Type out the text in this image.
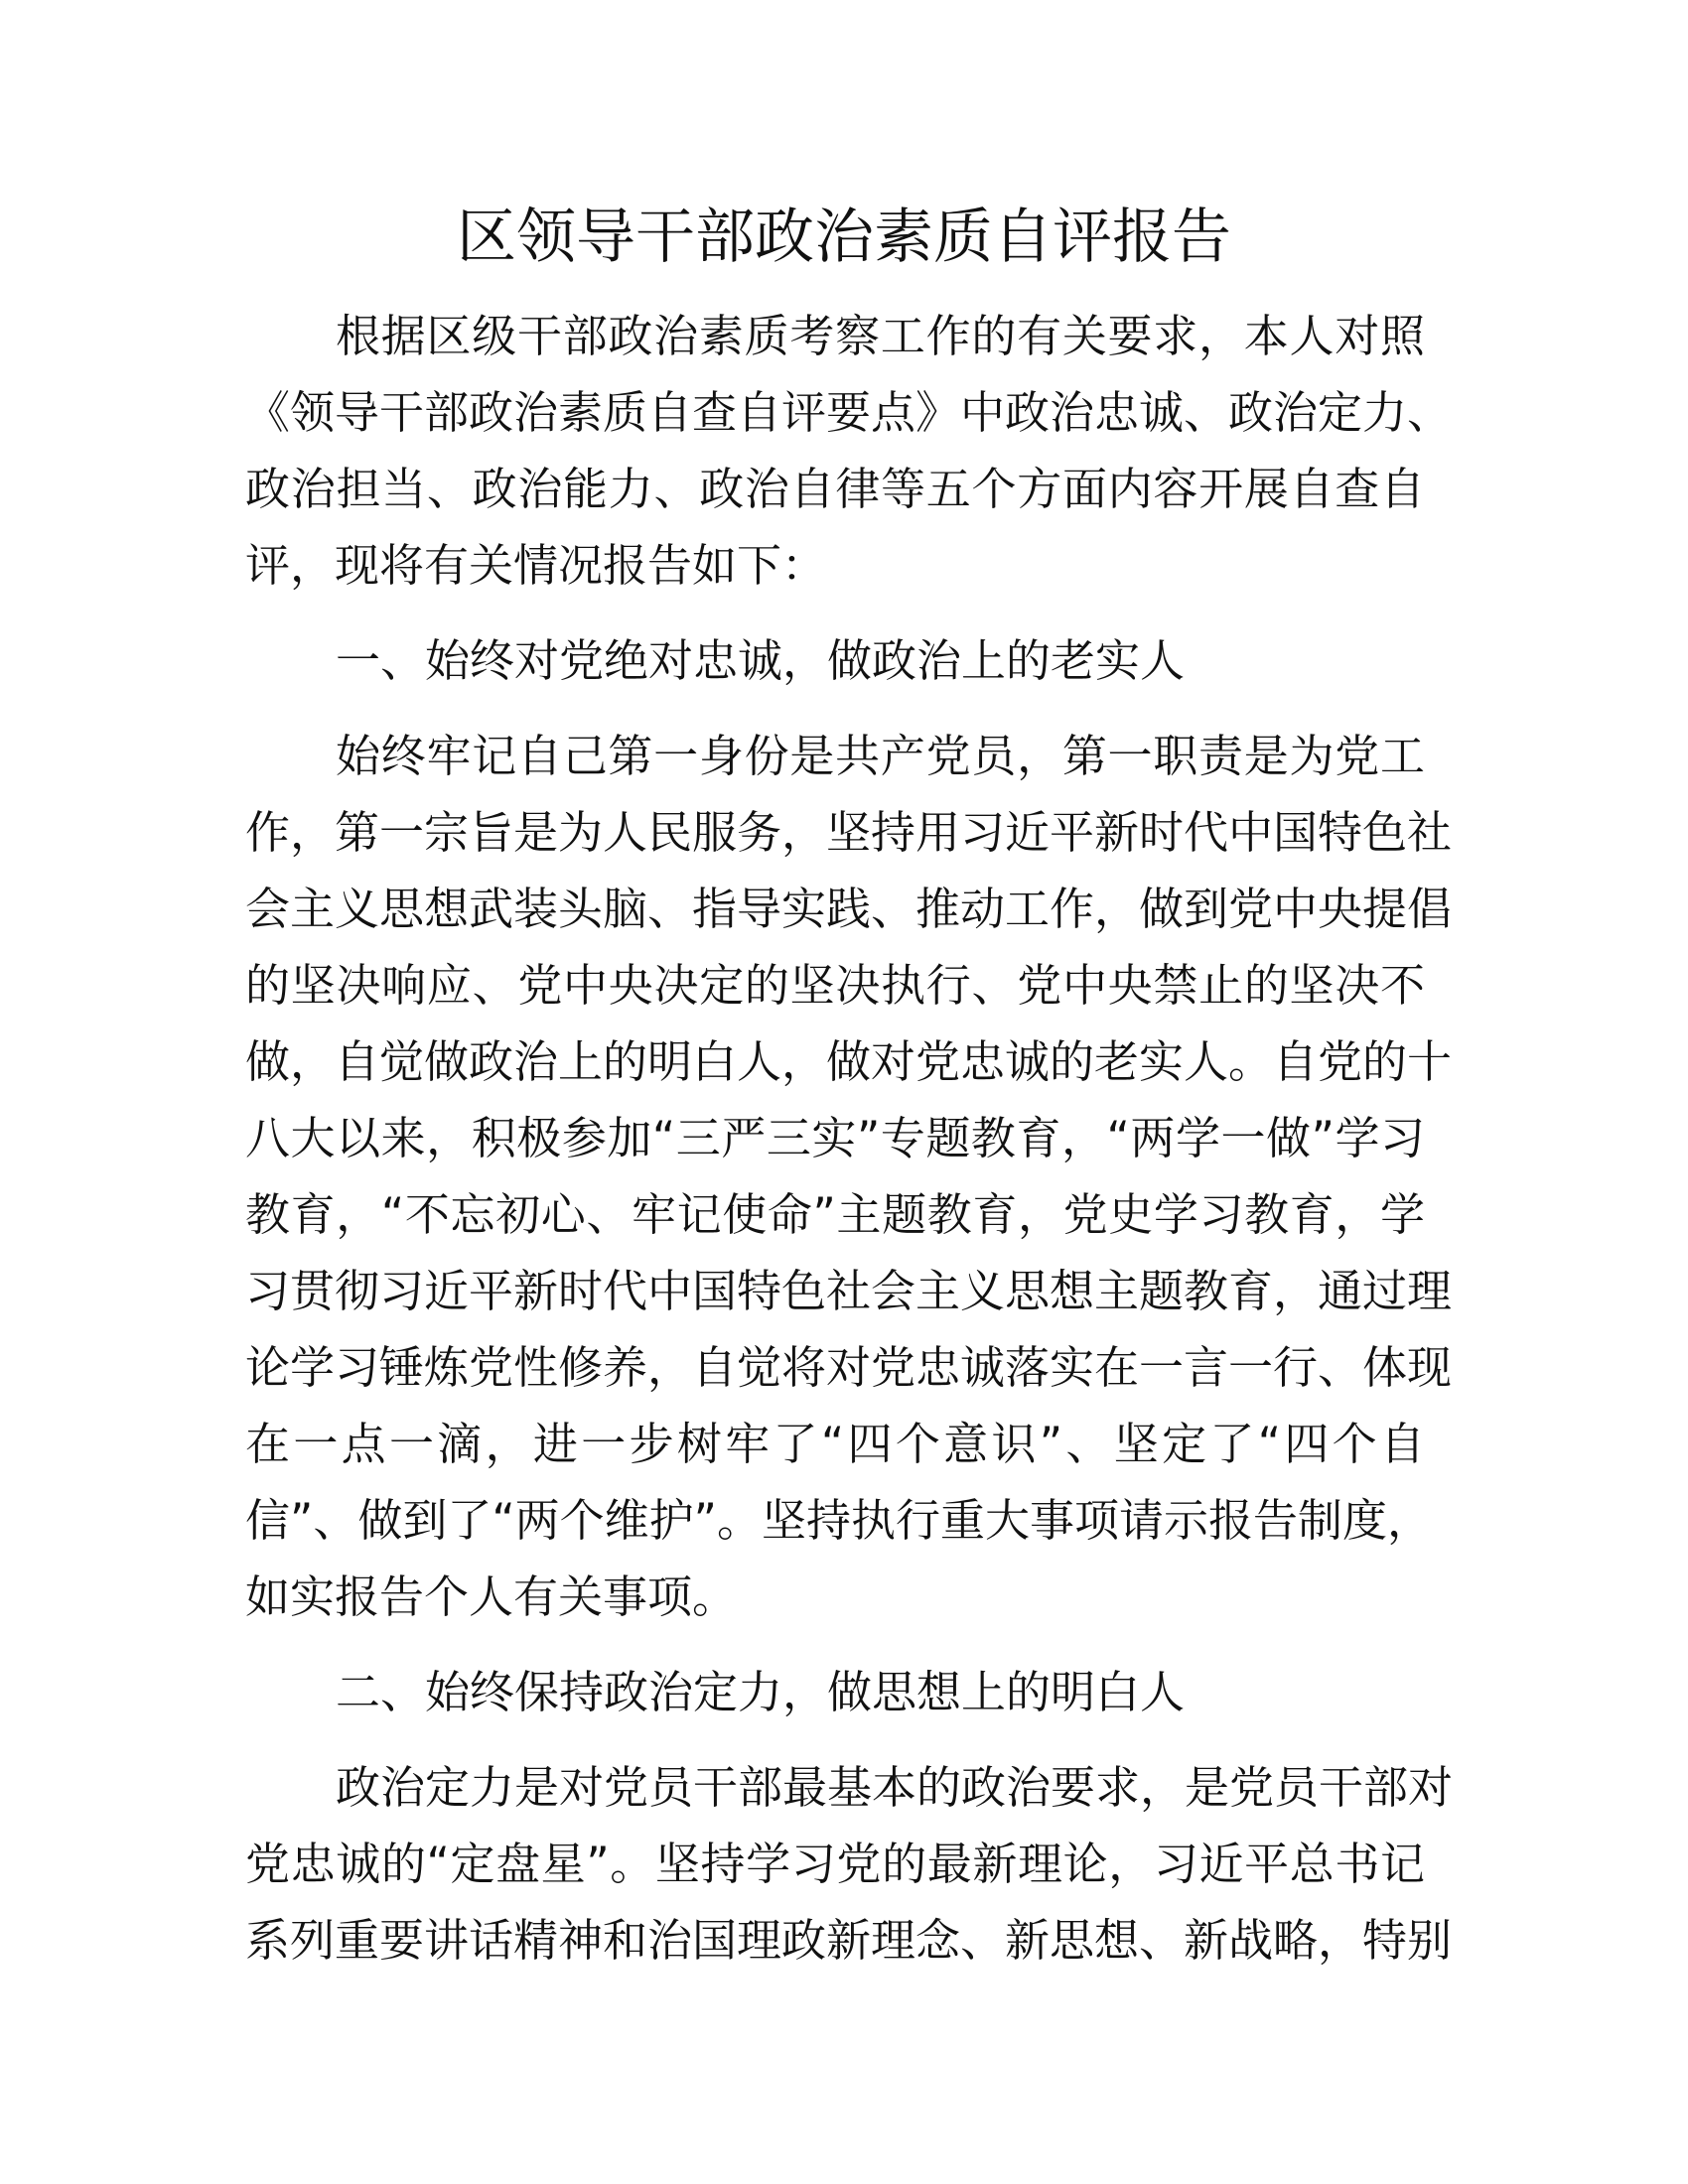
区领导干部政治素质自评报告
根据区级干部政治素质考察工作的有关要求，本人对照
《领导干部政治素质自查自评要点》中政治忠诚、政治定力、
政治担当、政治能力、政治自律等五个方面内容开展自查自
评，现将有关情况报告如下：
一、始终对党绝对忠诚，做政治上的老实人
始终牢记自己第一身份是共产党员，第一职责是为党工
作，第一宗旨是为人民服务，坚持用习近平新时代中国特色社
会主义思想武装头脑、指导实践、推动工作，做到党中央提倡
的坚决响应、党中央决定的坚决执行、党中央禁止的坚决不
做，自觉做政治上的明白人，做对党忠诚的老实人。自党的十
八大以来，积极参加“三严三实”专题教育，“两学一做”学习
教育，“不忘初心、牢记使命”主题教育，党史学习教育，学
习贯彻习近平新时代中国特色社会主义思想主题教育，通过理
论学习锤炼党性修养，自觉将对党忠诚落实在一言一行、体现
在一点一滴，进一步树牢了“四个意识”、坚定了“四个自
信”、做到了“两个维护”。坚持执行重大事项请示报告制度，
如实报告个人有关事项。
二、始终保持政治定力，做思想上的明白人
政治定力是对党员干部最基本的政治要求，是党员干部对
党忠诚的“定盘星”。坚持学习党的最新理论，习近平总书记
系列重要讲话精神和治国理政新理念、新思想、新战略，特别
